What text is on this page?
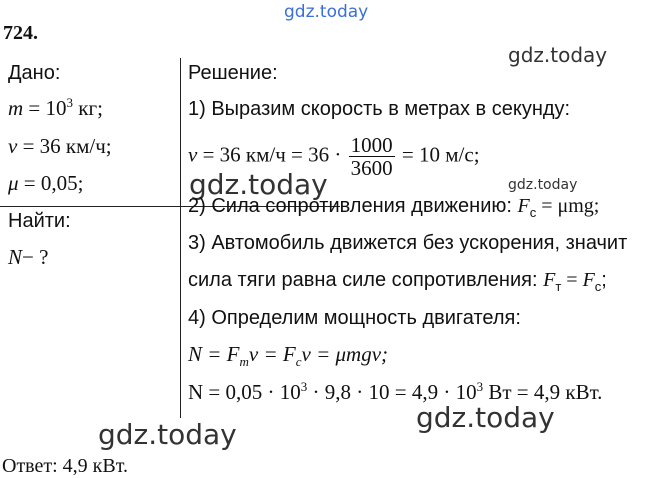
gdz.today
gdz.today
gdz.today	gdz.today
gdz.today
gdz.today
724.
Дано:
$m = 10^3$ кг;
v = 36 км/ч;
μ = 0,05;
Найти:
N− ?
Решение:
1) Выразим скорость в метрах в секунду:
v = 36 $км/ч = 36 \cdot \frac{1000}{3600} = 10$ м/с;
2) Сила сопротивления движению: $F_c = \mu mg$;
3) Автомобиль движется без ускорения, значит
сила тяги равна силе сопротивления: $F_т = F_c$;
4) Определим мощность двигателя:
$N = F_тv = F_cv = \mu mgv$;
$N = 0,05 \cdot 10^3 \cdot 9,8 \cdot 10 = 4,9 \cdot 10^3$ Вт = 4,9 кВт.
Ответ: 4,9 кВт.
